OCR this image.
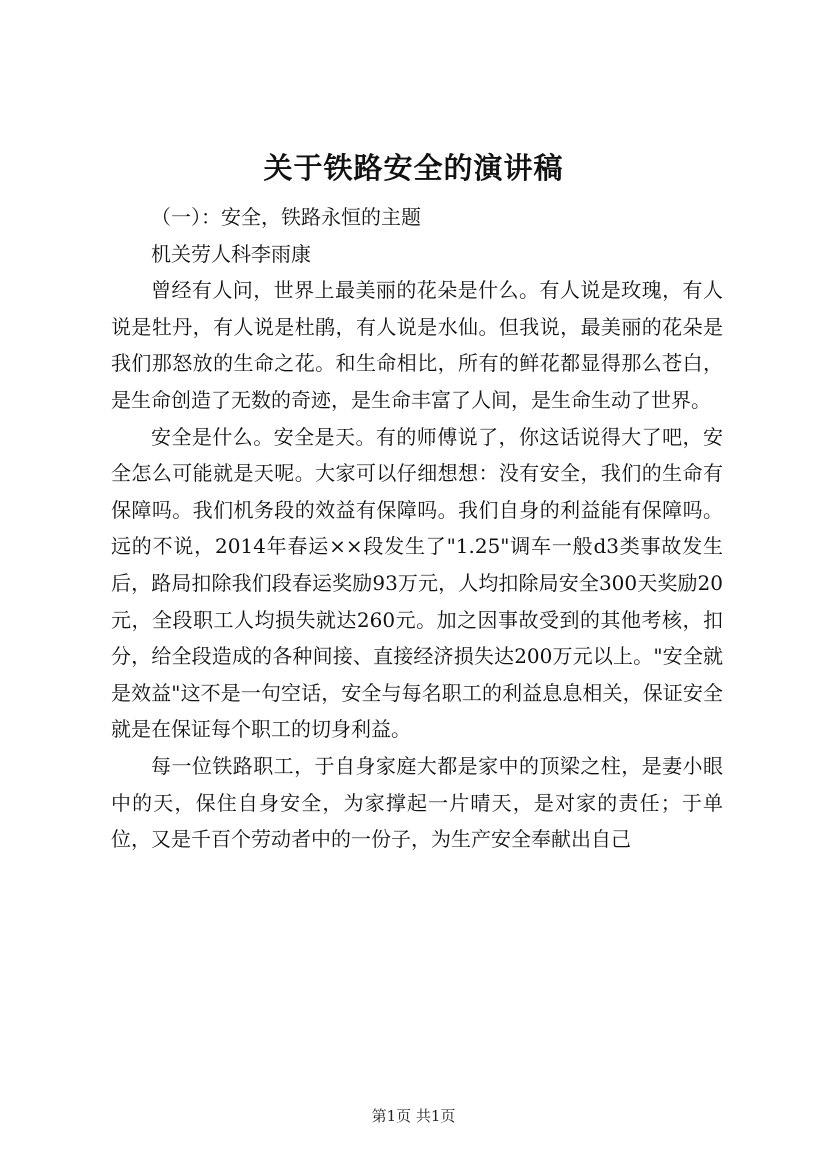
关于铁路安全的演讲稿

（一）：安全，铁路永恒的主题

机关劳人科李雨康

曾经有人问，世界上最美丽的花朵是什么。有人说是玫瑰，有人说是牡丹，有人说是杜鹃，有人说是水仙。但我说，最美丽的花朵是我们那怒放的生命之花。和生命相比，所有的鲜花都显得那么苍白，是生命创造了无数的奇迹，是生命丰富了人间，是生命生动了世界。

安全是什么。安全是天。有的师傅说了，你这话说得大了吧，安全怎么可能就是天呢。大家可以仔细想想：没有安全，我们的生命有保障吗。我们机务段的效益有保障吗。我们自身的利益能有保障吗。远的不说，2014年春运××段发生了"1.25"调车一般d3类事故发生后，路局扣除我们段春运奖励93万元，人均扣除局安全300天奖励20元，全段职工人均损失就达260元。加之因事故受到的其他考核，扣分，给全段造成的各种间接、直接经济损失达200万元以上。"安全就是效益"这不是一句空话，安全与每名职工的利益息息相关，保证安全就是在保证每个职工的切身利益。

每一位铁路职工，于自身家庭大都是家中的顶梁之柱，是妻小眼中的天，保住自身安全，为家撑起一片晴天，是对家的责任；于单位，又是千百个劳动者中的一份子，为生产安全奉献出自己

第1页 共1页
